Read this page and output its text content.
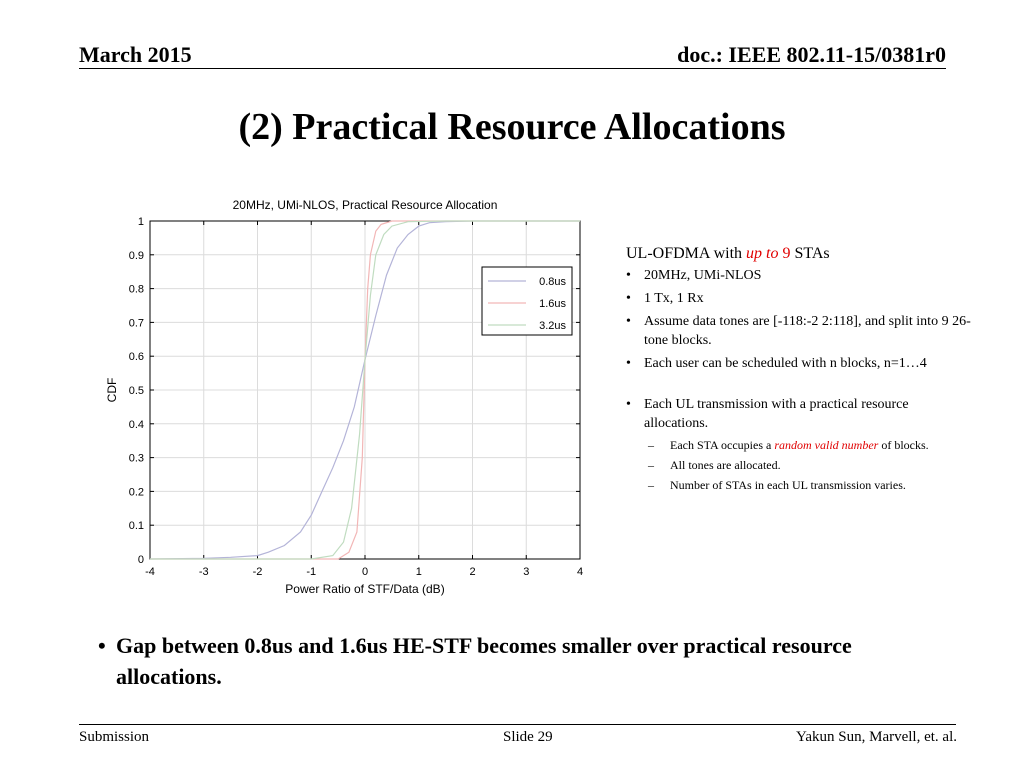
March 2015	doc.: IEEE 802.11-15/0381r0
(2) Practical Resource Allocations
-4	-3	-2	-1	0	1	2	3	4
0
0.1
0.2
0.3
0.4
0.5
0.6
0.7
0.8
0.9
1
20MHz, UMi-NLOS, Practical Resource Allocation
Power Ratio of STF/Data (dB)
CDF
0.8us
1.6us
3.2us
UL-OFDMA with up to 9 STAs
• 20MHz, UMi-NLOS
• 1 Tx, 1 Rx
• Assume data tones are [-118:-2 2:118], and split into 9 26-tone blocks.
• Each user can be scheduled with n blocks, n=1…4
• Each UL transmission with a practical resource allocations.
– Each STA occupies a random valid number of blocks.
– All tones are allocated.
– Number of STAs in each UL transmission varies.
• Gap between 0.8us and 1.6us HE-STF becomes smaller over practical resource allocations.
Submission	Slide 29	Yakun Sun, Marvell, et. al.
